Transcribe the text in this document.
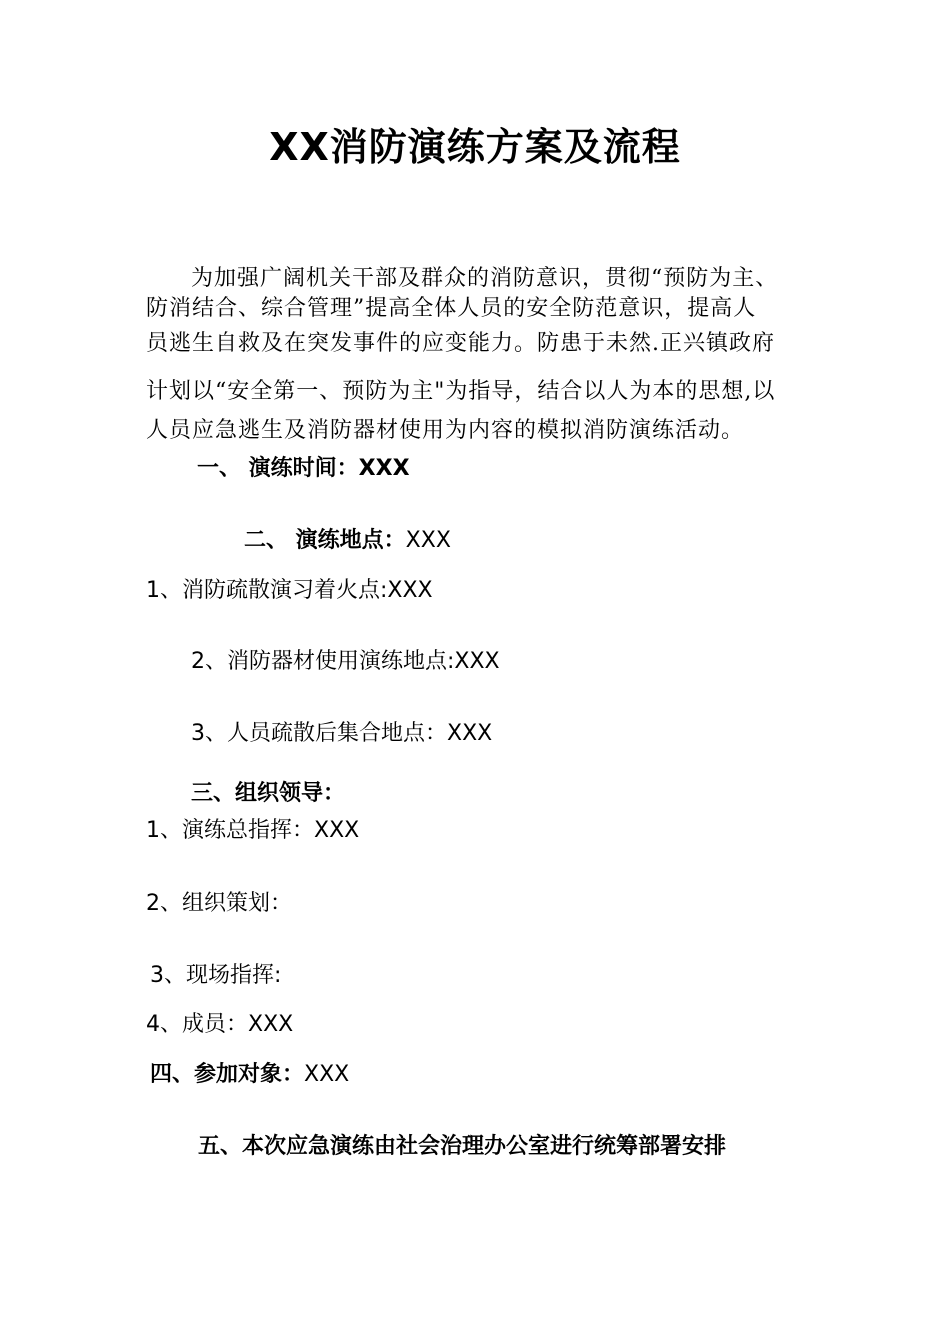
XX消防演练方案及流程
为加强广阔机关干部及群众的消防意识，贯彻“预防为主、
防消结合、综合管理”提高全体人员的安全防范意识，提高人
员逃生自救及在突发事件的应变能力。防患于未然.正兴镇政府
计划以“安全第一、预防为主"为指导，结合以人为本的思想,以
人员应急逃生及消防器材使用为内容的模拟消防演练活动。
一、 演练时间：XXX
二、 演练地点：XXX
1、消防疏散演习着火点:XXX
2、消防器材使用演练地点:XXX
3、人员疏散后集合地点：XXX
三、组织领导：
1、演练总指挥：XXX
2、组织策划：
3、现场指挥:
4、成员：XXX
四、参加对象：XXX
五、本次应急演练由社会治理办公室进行统筹部署安排
